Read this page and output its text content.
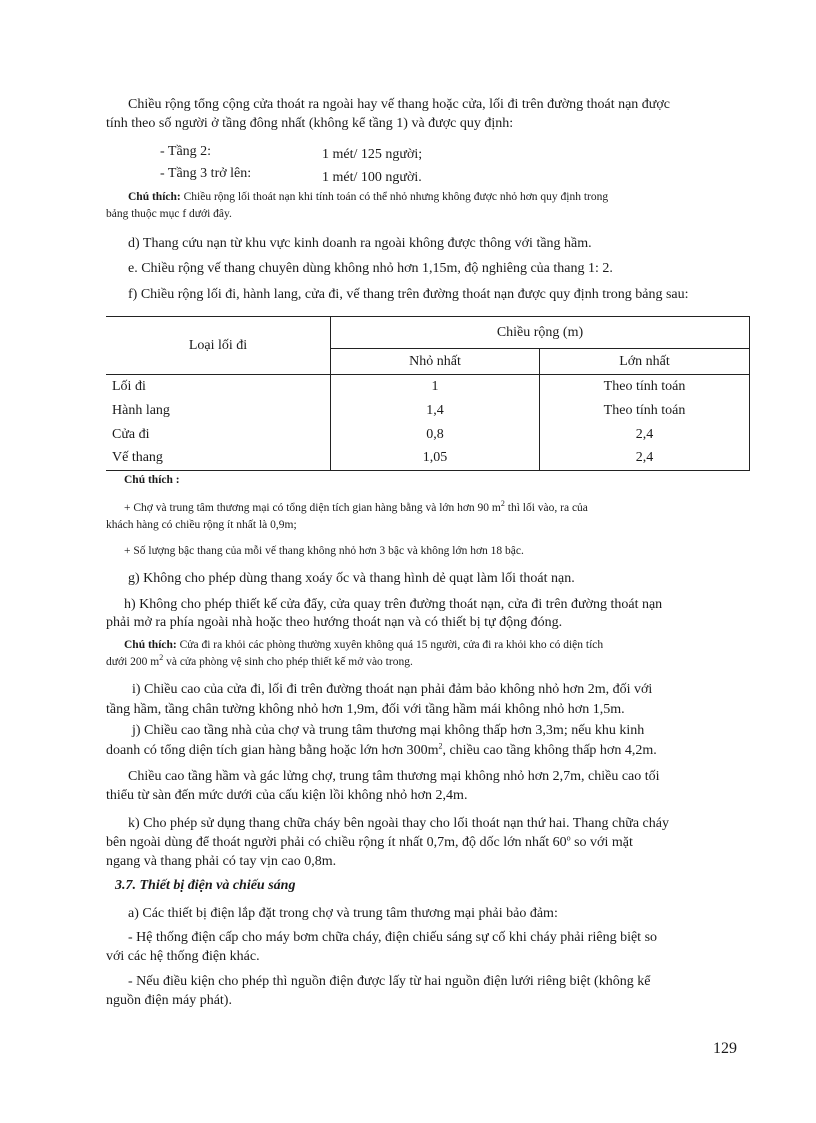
Chiều rộng tổng cộng cửa thoát ra ngoài hay vế thang hoặc cửa, lối đi trên đường thoát nạn được
tính theo số người ở tầng đông nhất (không kể tầng 1) và được quy định:
- Tầng 2:	1 mét/ 125 người;
- Tầng 3 trở lên:	1 mét/ 100 người.
Chú thích: Chiều rộng lối thoát nạn khi tính toán có thể nhỏ nhưng không được nhỏ hơn quy định trong
bảng thuộc mục f dưới đây.
d) Thang cứu nạn từ khu vực kinh doanh ra ngoài không được thông với tầng hầm.
e. Chiều rộng vế thang chuyên dùng không nhỏ hơn 1,15m, độ nghiêng của thang 1: 2.
f) Chiều rộng lối đi, hành lang, cửa đi, vế thang trên đường thoát nạn được quy định trong bảng sau:
Loại lối đi	Chiều rộng (m)	
	Nhỏ nhất	Lớn nhất
Lối đi	1	Theo tính toán
Hành lang	1,4	Theo tính toán
Cửa đi	0,8	2,4
Vế thang	1,05	2,4
Chú thích :
+ Chợ và trung tâm thương mại có tổng diện tích gian hàng bằng và lớn hơn 90 $m^2$ thì lối vào, ra của
khách hàng có chiều rộng ít nhất là 0,9m;
+ Số lượng bậc thang của mỗi vế thang không nhỏ hơn 3 bậc và không lớn hơn 18 bậc.
g) Không cho phép dùng thang xoáy ốc và thang hình dẻ quạt làm lối thoát nạn.
h) Không cho phép thiết kế cửa đẩy, cửa quay trên đường thoát nạn, cửa đi trên đường thoát nạn
phải mở ra phía ngoài nhà hoặc theo hướng thoát nạn và có thiết bị tự động đóng.
Chú thích: Cửa đi ra khỏi các phòng thường xuyên không quá 15 người, cửa đi ra khỏi kho có diện tích
dưới 200 $m^2$ và cửa phòng vệ sinh cho phép thiết kế mở vào trong.
i) Chiều cao của cửa đi, lối đi trên đường thoát nạn phải đảm bảo không nhỏ hơn 2m, đối với
tầng hầm, tầng chân tường không nhỏ hơn 1,9m, đối với tầng hầm mái không nhỏ hơn 1,5m.
j) Chiều cao tầng nhà của chợ và trung tâm thương mại không thấp hơn 3,3m; nếu khu kinh
doanh có tổng diện tích gian hàng bằng hoặc lớn hơn $300m^2$, chiều cao tầng không thấp hơn 4,2m.
Chiều cao tầng hầm và gác lửng chợ, trung tâm thương mại không nhỏ hơn 2,7m, chiều cao tối
thiểu từ sàn đến mức dưới của cấu kiện lồi không nhỏ hơn 2,4m.
k) Cho phép sử dụng thang chữa cháy bên ngoài thay cho lối thoát nạn thứ hai. Thang chữa cháy
bên ngoài dùng để thoát người phải có chiều rộng ít nhất 0,7m, độ dốc lớn nhất 60$^o$ so với mặt
ngang và thang phải có tay vịn cao 0,8m.
3.7. Thiết bị điện và chiếu sáng
a) Các thiết bị điện lắp đặt trong chợ và trung tâm thương mại phải bảo đảm:
- Hệ thống điện cấp cho máy bơm chữa cháy, điện chiếu sáng sự cố khi cháy phải riêng biệt so
với các hệ thống điện khác.
- Nếu điều kiện cho phép thì nguồn điện được lấy từ hai nguồn điện lưới riêng biệt (không kể
nguồn điện máy phát).
129
